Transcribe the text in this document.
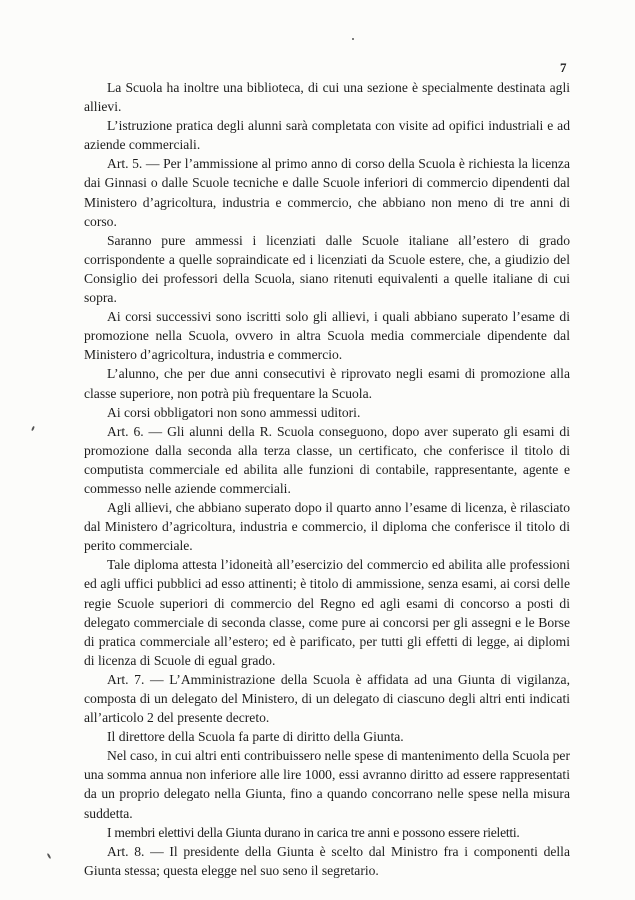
7

La Scuola ha inoltre una biblioteca, di cui una sezione è specialmente destinata agli allievi.

L’istruzione pratica degli alunni sarà completata con visite ad opifici industriali e ad aziende commerciali.

Art. 5. — Per l’ammissione al primo anno di corso della Scuola è richiesta la licenza dai Ginnasi o dalle Scuole tecniche e dalle Scuole inferiori di commercio dipendenti dal Ministero d’agricoltura, industria e commercio, che abbiano non meno di tre anni di corso.

Saranno pure ammessi i licenziati dalle Scuole italiane all’estero di grado corrispondente a quelle sopraindicate ed i licenziati da Scuole estere, che, a giudizio del Consiglio dei professori della Scuola, siano ritenuti equivalenti a quelle italiane di cui sopra.

Ai corsi successivi sono iscritti solo gli allievi, i quali abbiano superato l’esame di promozione nella Scuola, ovvero in altra Scuola media commerciale dipendente dal Ministero d’agricoltura, industria e commercio.

L’alunno, che per due anni consecutivi è riprovato negli esami di promozione alla classe superiore, non potrà più frequentare la Scuola.

Ai corsi obbligatori non sono ammessi uditori.

Art. 6. — Gli alunni della R. Scuola conseguono, dopo aver superato gli esami di promozione dalla seconda alla terza classe, un certificato, che conferisce il titolo di computista commerciale ed abilita alle funzioni di contabile, rappresentante, agente e commesso nelle aziende commerciali.

Agli allievi, che abbiano superato dopo il quarto anno l’esame di licenza, è rilasciato dal Ministero d’agricoltura, industria e commercio, il diploma che conferisce il titolo di perito commerciale.

Tale diploma attesta l’idoneità all’esercizio del commercio ed abilita alle professioni ed agli uffici pubblici ad esso attinenti; è titolo di ammissione, senza esami, ai corsi delle regie Scuole superiori di commercio del Regno ed agli esami di concorso a posti di delegato commerciale di seconda classe, come pure ai concorsi per gli assegni e le Borse di pratica commerciale all’estero; ed è parificato, per tutti gli effetti di legge, ai diplomi di licenza di Scuole di egual grado.

Art. 7. — L’Amministrazione della Scuola è affidata ad una Giunta di vigilanza, composta di un delegato del Ministero, di un delegato di ciascuno degli altri enti indicati all’articolo 2 del presente decreto.

Il direttore della Scuola fa parte di diritto della Giunta.

Nel caso, in cui altri enti contribuissero nelle spese di mantenimento della Scuola per una somma annua non inferiore alle lire 1000, essi avranno diritto ad essere rappresentati da un proprio delegato nella Giunta, fino a quando concorrano nelle spese nella misura suddetta.

I membri elettivi della Giunta durano in carica tre anni e possono essere rieletti.

Art. 8. — Il presidente della Giunta è scelto dal Ministro fra i componenti della Giunta stessa; questa elegge nel suo seno il segretario.
